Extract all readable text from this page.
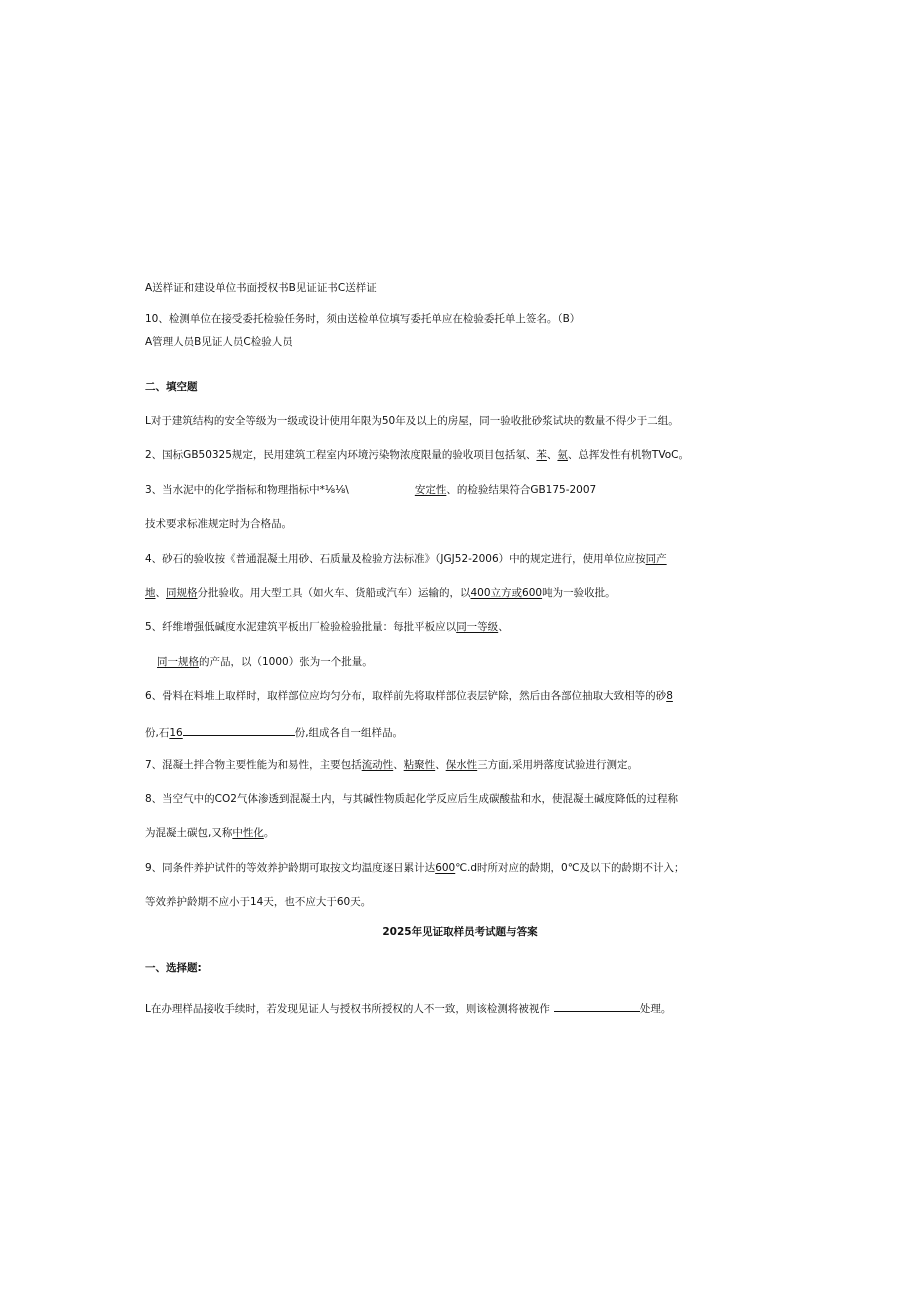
A送样证和建设单位书面授权书B见证证书C送样证
10、检测单位在接受委托检验任务时，须由送检单位填写委托单应在检验委托单上签名。（B）
A管理人员B见证人员C检验人员
二、填空题
L对于建筑结构的安全等级为一级或设计使用年限为50年及以上的房屋，同一验收批砂浆试块的数量不得少于二组。
2、国标GB50325规定，民用建筑工程室内环境污染物浓度限量的验收项目包括氡、苯、氨、总挥发性有机物TVoC。
3、当水泥中的化学指标和物理指标中*⅛⅛\	安定性、的检验结果符合GB175-2007
技术要求标准规定时为合格品。
4、砂石的验收按《普通混凝土用砂、石质量及检验方法标准》（JGJ52-2006）中的规定进行，使用单位应按同产
地、同规格分批验收。用大型工具（如火车、货船或汽车）运输的，以400立方或600吨为一验收批。
5、纤维增强低碱度水泥建筑平板出厂检验检验批量：每批平板应以同一等级、
同一规格的产品，以（1000）张为一个批量。
6、骨料在料堆上取样时，取样部位应均匀分布，取样前先将取样部位表层铲除，然后由各部位抽取大致相等的砂8
份,石16	份,组成各自一组样品。
7、混凝土拌合物主要性能为和易性，主要包括流动性、粘聚性、保水性三方面,采用坍落度试验进行测定。
8、当空气中的CO2气体渗透到混凝土内，与其碱性物质起化学反应后生成碳酸盐和水，使混凝土碱度降低的过程称
为混凝土碳包,又称中性化。
9、同条件养护试件的等效养护龄期可取按文均温度逐日累计达600℃.d时所对应的龄期，0℃及以下的龄期不计入；
等效养护龄期不应小于14天，也不应大于60天。
2025年见证取样员考试题与答案
一、选择题:
L在办理样品接收手续时，若发现见证人与授权书所授权的人不一致，则该检测将被视作	处理。
